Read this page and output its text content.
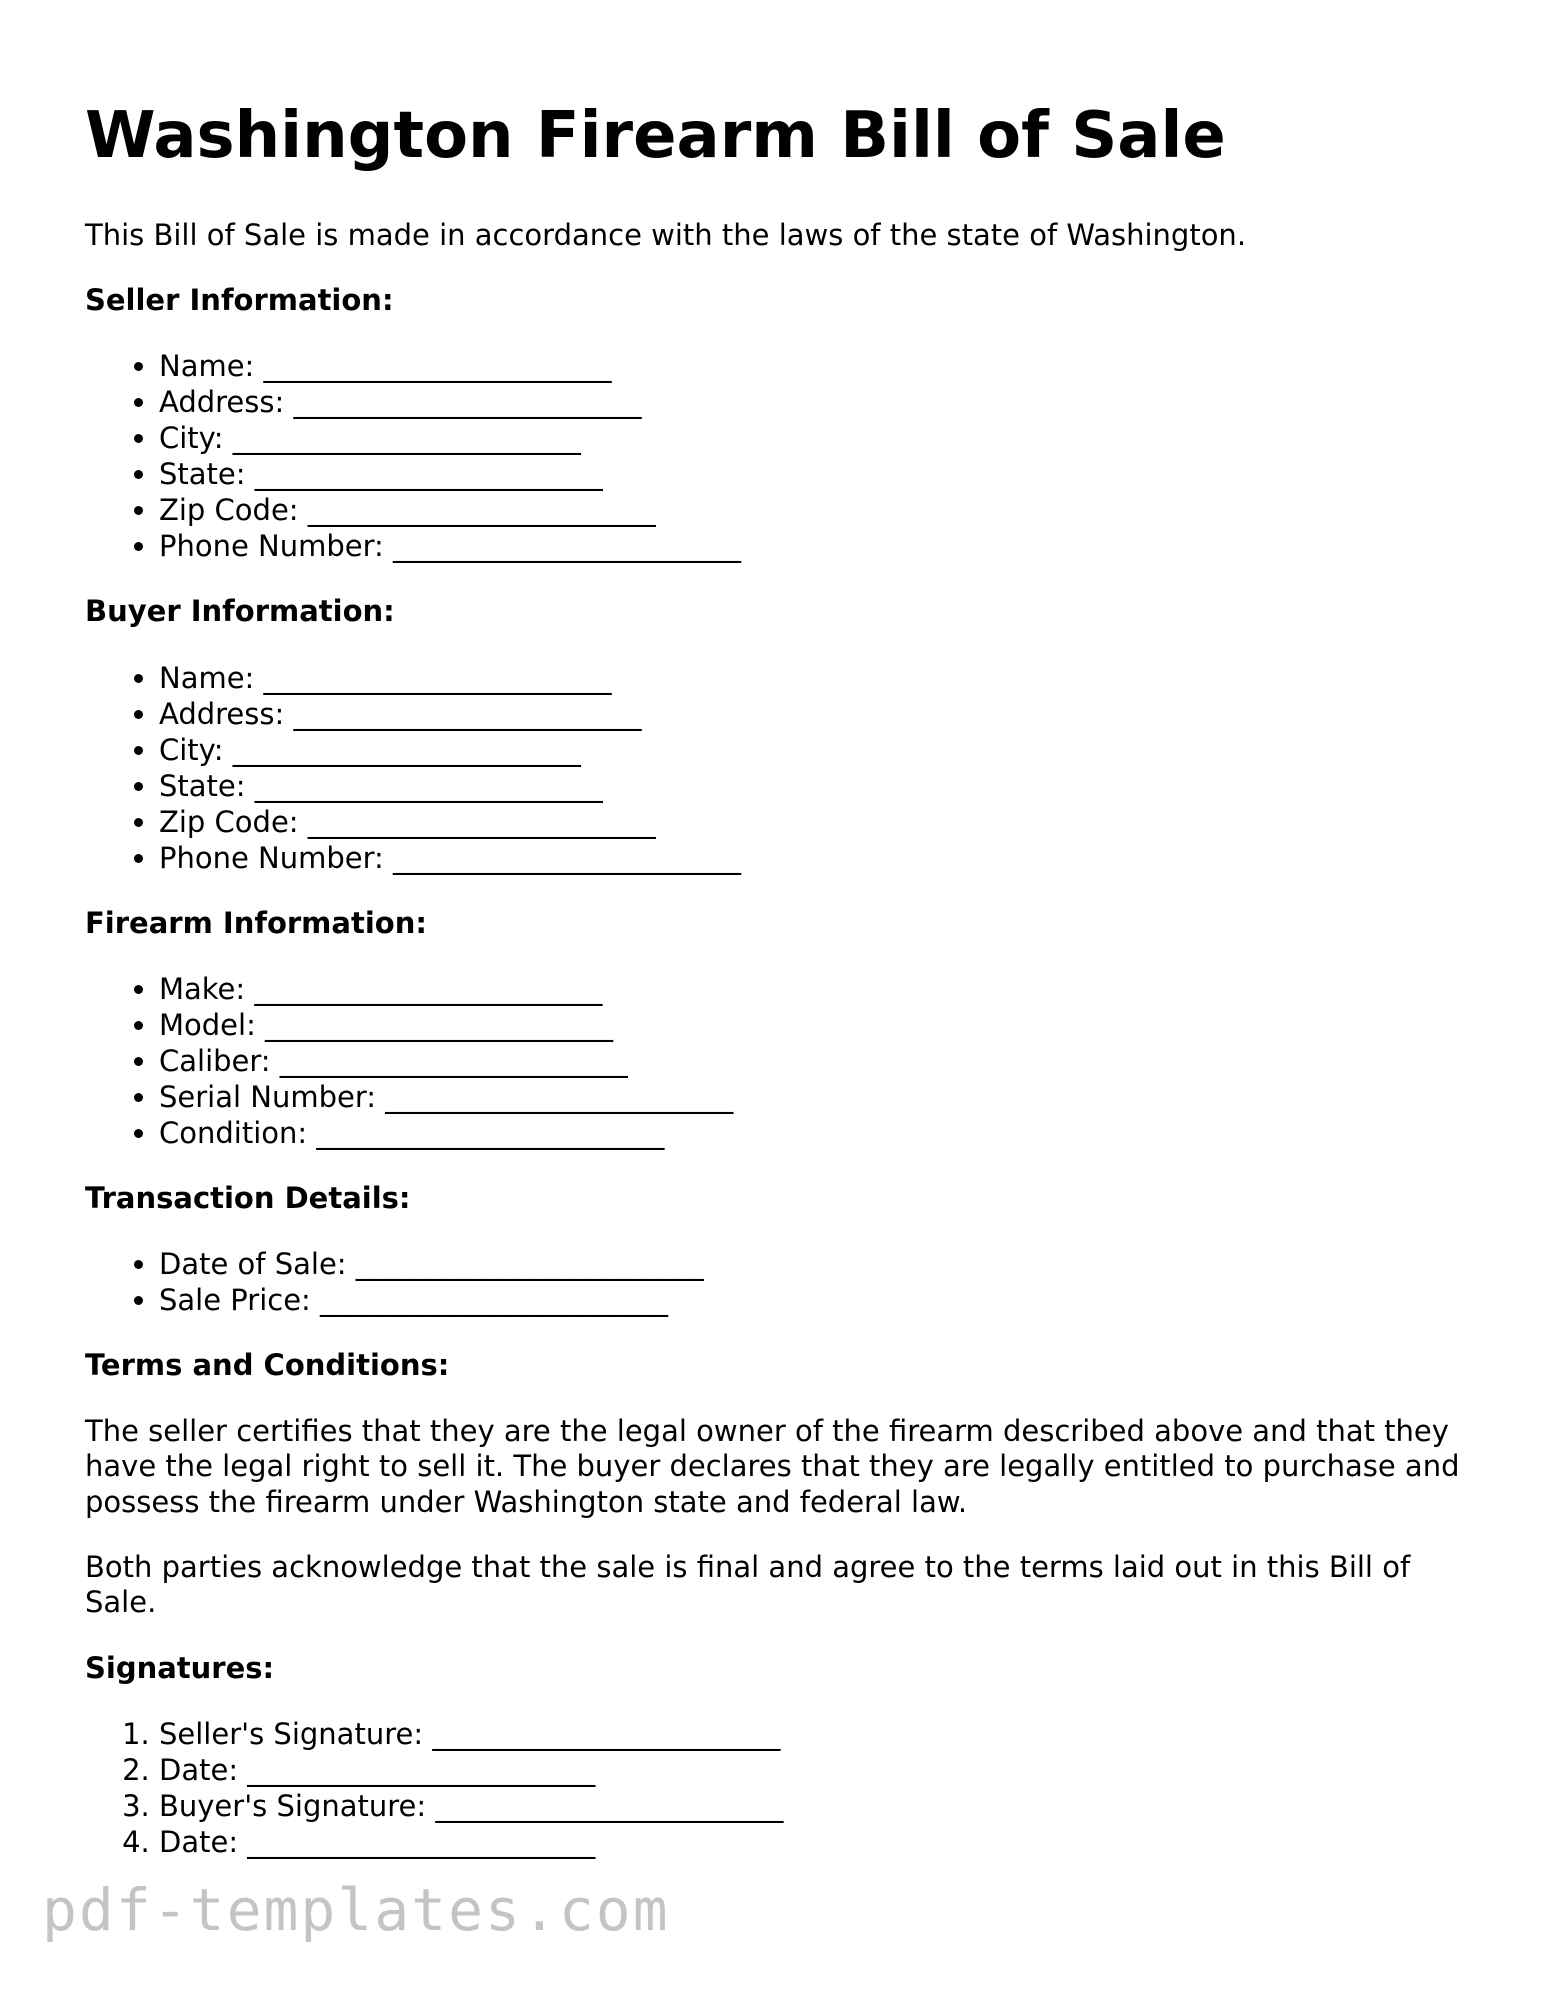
Washington Firearm Bill of Sale

This Bill of Sale is made in accordance with the laws of the state of Washington.

Seller Information:
• Name: ________________________
• Address: ________________________
• City: ________________________
• State: ________________________
• Zip Code: ________________________
• Phone Number: ________________________
Buyer Information:
• Name: ________________________
• Address: ________________________
• City: ________________________
• State: ________________________
• Zip Code: ________________________
• Phone Number: ________________________
Firearm Information:
• Make: ________________________
• Model: ________________________
• Caliber: ________________________
• Serial Number: ________________________
• Condition: ________________________
Transaction Details:
• Date of Sale: ________________________
• Sale Price: ________________________
Terms and Conditions:

The seller certifies that they are the legal owner of the firearm described above and that they have the legal right to sell it. The buyer declares that they are legally entitled to purchase and possess the firearm under Washington state and federal law.

Both parties acknowledge that the sale is final and agree to the terms laid out in this Bill of Sale.

Signatures:
1. Seller's Signature: ________________________
2. Date: ________________________
3. Buyer's Signature: ________________________
4. Date: ________________________
pdf-templates.com
